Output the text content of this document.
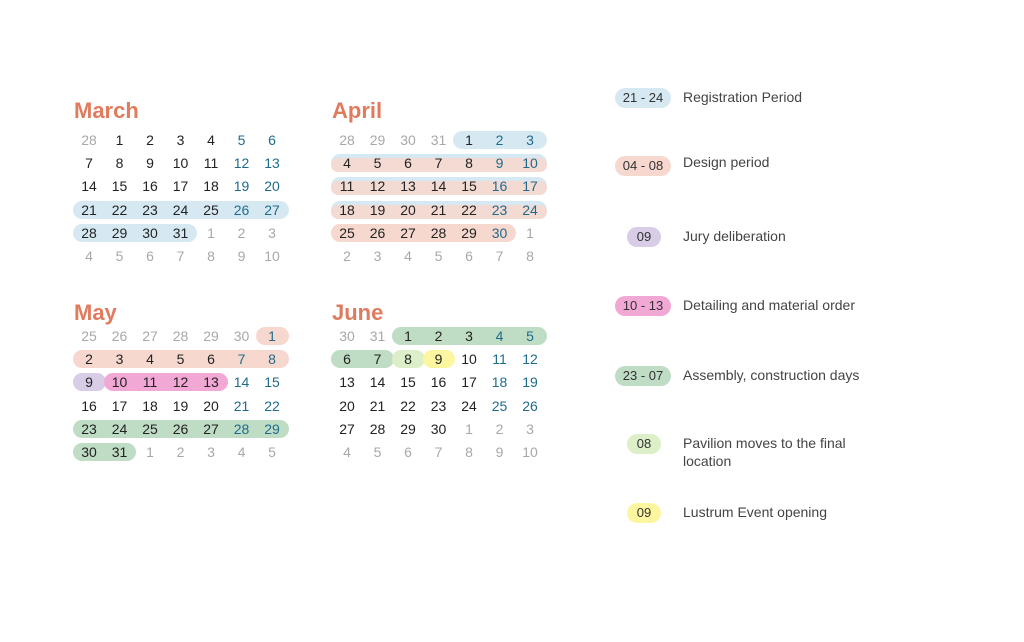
March
28	1	2	3	4	5	6
7	8	9	10	11	12	13
14	15	16	17	18	19	20
21	22	23	24	25	26	27
28	29	30	31	1	2	3
4	5	6	7	8	9	10
April
28	29	30	31	1	2	3
4	5	6	7	8	9	10
11	12	13	14	15	16	17
18	19	20	21	22	23	24
25	26	27	28	29	30	1
2	3	4	5	6	7	8
May
25	26	27	28	29	30	1
2	3	4	5	6	7	8
9	10	11	12	13	14	15
16	17	18	19	20	21	22
23	24	25	26	27	28	29
30	31	1	2	3	4	5
June
30	31	1	2	3	4	5
6	7	8	9	10	11	12
13	14	15	16	17	18	19
20	21	22	23	24	25	26
27	28	29	30	1	2	3
4	5	6	7	8	9	10
21 - 24	Registration Period
04 - 08	Design period
09	Jury deliberation
10 - 13	Detailing and material order
23 - 07	Assembly, construction days
08	Pavilion moves to the final location
09	Lustrum Event opening
